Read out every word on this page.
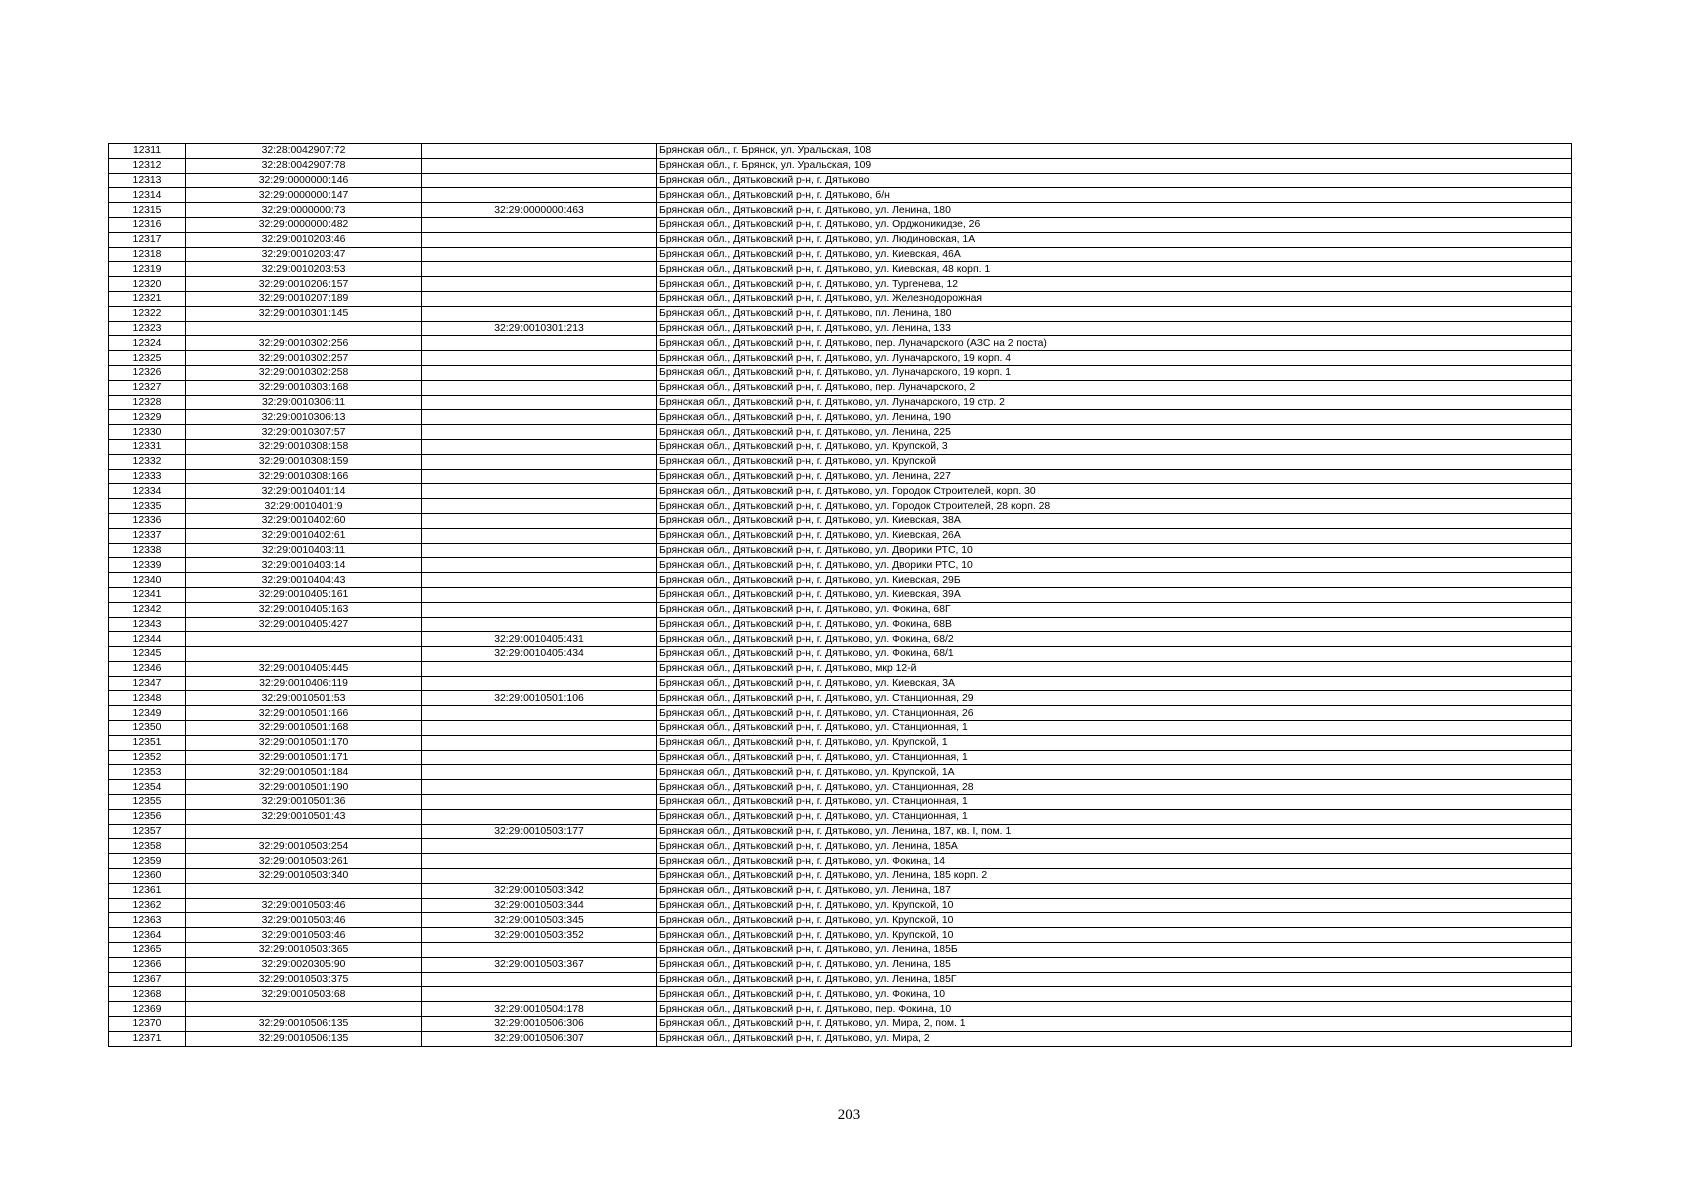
12311	32:28:0042907:72		Брянская обл., г. Брянск, ул. Уральская, 108
12312	32:28:0042907:78		Брянская обл., г. Брянск, ул. Уральская, 109
12313	32:29:0000000:146		Брянская обл., Дятьковский р-н, г. Дятьково
12314	32:29:0000000:147		Брянская обл., Дятьковский р-н, г. Дятьково, б/н
12315	32:29:0000000:73	32:29:0000000:463	Брянская обл., Дятьковский р-н, г. Дятьково, ул. Ленина, 180
12316	32:29:0000000:482		Брянская обл., Дятьковский р-н, г. Дятьково, ул. Орджоникидзе, 26
12317	32:29:0010203:46		Брянская обл., Дятьковский р-н, г. Дятьково, ул. Людиновская, 1А
12318	32:29:0010203:47		Брянская обл., Дятьковский р-н, г. Дятьково, ул. Киевская, 46А
12319	32:29:0010203:53		Брянская обл., Дятьковский р-н, г. Дятьково, ул. Киевская, 48 корп. 1
12320	32:29:0010206:157		Брянская обл., Дятьковский р-н, г. Дятьково, ул. Тургенева, 12
12321	32:29:0010207:189		Брянская обл., Дятьковский р-н, г. Дятьково, ул. Железнодорожная
12322	32:29:0010301:145		Брянская обл., Дятьковский р-н, г. Дятьково, пл. Ленина, 180
12323		32:29:0010301:213	Брянская обл., Дятьковский р-н, г. Дятьково, ул. Ленина, 133
12324	32:29:0010302:256		Брянская обл., Дятьковский р-н, г. Дятьково, пер. Луначарского (АЗС на 2 поста)
12325	32:29:0010302:257		Брянская обл., Дятьковский р-н, г. Дятьково, ул. Луначарского, 19 корп. 4
12326	32:29:0010302:258		Брянская обл., Дятьковский р-н, г. Дятьково, ул. Луначарского, 19 корп. 1
12327	32:29:0010303:168		Брянская обл., Дятьковский р-н, г. Дятьково, пер. Луначарского, 2
12328	32:29:0010306:11		Брянская обл., Дятьковский р-н, г. Дятьково, ул. Луначарского, 19 стр. 2
12329	32:29:0010306:13		Брянская обл., Дятьковский р-н, г. Дятьково, ул. Ленина, 190
12330	32:29:0010307:57		Брянская обл., Дятьковский р-н, г. Дятьково, ул. Ленина, 225
12331	32:29:0010308:158		Брянская обл., Дятьковский р-н, г. Дятьково, ул. Крупской, 3
12332	32:29:0010308:159		Брянская обл., Дятьковский р-н, г. Дятьково, ул. Крупской
12333	32:29:0010308:166		Брянская обл., Дятьковский р-н, г. Дятьково, ул. Ленина, 227
12334	32:29:0010401:14		Брянская обл., Дятьковский р-н, г. Дятьково, ул. Городок Строителей, корп. 30
12335	32:29:0010401:9		Брянская обл., Дятьковский р-н, г. Дятьково, ул. Городок Строителей, 28 корп. 28
12336	32:29:0010402:60		Брянская обл., Дятьковский р-н, г. Дятьково, ул. Киевская, 38А
12337	32:29:0010402:61		Брянская обл., Дятьковский р-н, г. Дятьково, ул. Киевская, 26А
12338	32:29:0010403:11		Брянская обл., Дятьковский р-н, г. Дятьково, ул. Дворики РТС, 10
12339	32:29:0010403:14		Брянская обл., Дятьковский р-н, г. Дятьково, ул. Дворики РТС, 10
12340	32:29:0010404:43		Брянская обл., Дятьковский р-н, г. Дятьково, ул. Киевская, 29Б
12341	32:29:0010405:161		Брянская обл., Дятьковский р-н, г. Дятьково, ул. Киевская, 39А
12342	32:29:0010405:163		Брянская обл., Дятьковский р-н, г. Дятьково, ул. Фокина, 68Г
12343	32:29:0010405:427		Брянская обл., Дятьковский р-н, г. Дятьково, ул. Фокина, 68В
12344		32:29:0010405:431	Брянская обл., Дятьковский р-н, г. Дятьково, ул. Фокина, 68/2
12345		32:29:0010405:434	Брянская обл., Дятьковский р-н, г. Дятьково, ул. Фокина, 68/1
12346	32:29:0010405:445		Брянская обл., Дятьковский р-н, г. Дятьково, мкр 12-й
12347	32:29:0010406:119		Брянская обл., Дятьковский р-н, г. Дятьково, ул. Киевская, 3А
12348	32:29:0010501:53	32:29:0010501:106	Брянская обл., Дятьковский р-н, г. Дятьково, ул. Станционная, 29
12349	32:29:0010501:166		Брянская обл., Дятьковский р-н, г. Дятьково, ул. Станционная, 26
12350	32:29:0010501:168		Брянская обл., Дятьковский р-н, г. Дятьково, ул. Станционная, 1
12351	32:29:0010501:170		Брянская обл., Дятьковский р-н, г. Дятьково, ул. Крупской, 1
12352	32:29:0010501:171		Брянская обл., Дятьковский р-н, г. Дятьково, ул. Станционная, 1
12353	32:29:0010501:184		Брянская обл., Дятьковский р-н, г. Дятьково, ул. Крупской, 1А
12354	32:29:0010501:190		Брянская обл., Дятьковский р-н, г. Дятьково, ул. Станционная, 28
12355	32:29:0010501:36		Брянская обл., Дятьковский р-н, г. Дятьково, ул. Станционная, 1
12356	32:29:0010501:43		Брянская обл., Дятьковский р-н, г. Дятьково, ул. Станционная, 1
12357		32:29:0010503:177	Брянская обл., Дятьковский р-н, г. Дятьково, ул. Ленина, 187, кв. I, пом. 1
12358	32:29:0010503:254		Брянская обл., Дятьковский р-н, г. Дятьково, ул. Ленина, 185А
12359	32:29:0010503:261		Брянская обл., Дятьковский р-н, г. Дятьково, ул. Фокина, 14
12360	32:29:0010503:340		Брянская обл., Дятьковский р-н, г. Дятьково, ул. Ленина, 185 корп. 2
12361		32:29:0010503:342	Брянская обл., Дятьковский р-н, г. Дятьково, ул. Ленина, 187
12362	32:29:0010503:46	32:29:0010503:344	Брянская обл., Дятьковский р-н, г. Дятьково, ул. Крупской, 10
12363	32:29:0010503:46	32:29:0010503:345	Брянская обл., Дятьковский р-н, г. Дятьково, ул. Крупской, 10
12364	32:29:0010503:46	32:29:0010503:352	Брянская обл., Дятьковский р-н, г. Дятьково, ул. Крупской, 10
12365	32:29:0010503:365		Брянская обл., Дятьковский р-н, г. Дятьково, ул. Ленина, 185Б
12366	32:29:0020305:90	32:29:0010503:367	Брянская обл., Дятьковский р-н, г. Дятьково, ул. Ленина, 185
12367	32:29:0010503:375		Брянская обл., Дятьковский р-н, г. Дятьково, ул. Ленина, 185Г
12368	32:29:0010503:68		Брянская обл., Дятьковский р-н, г. Дятьково, ул. Фокина, 10
12369		32:29:0010504:178	Брянская обл., Дятьковский р-н, г. Дятьково, пер. Фокина, 10
12370	32:29:0010506:135	32:29:0010506:306	Брянская обл., Дятьковский р-н, г. Дятьково, ул. Мира, 2, пом. 1
12371	32:29:0010506:135	32:29:0010506:307	Брянская обл., Дятьковский р-н, г. Дятьково, ул. Мира, 2
203
